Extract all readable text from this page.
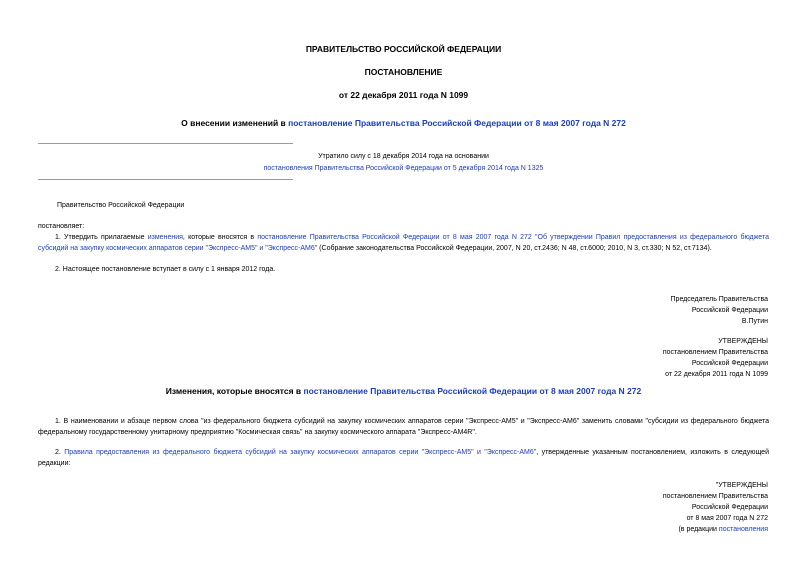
ПРАВИТЕЛЬСТВО РОССИЙСКОЙ ФЕДЕРАЦИИ
ПОСТАНОВЛЕНИЕ
от 22 декабря 2011 года N 1099
О внесении изменений в постановление Правительства Российской Федерации от 8 мая 2007 года N 272
Утратило силу с 18 декабря 2014 года на основании
постановления Правительства Российской Федерации от 5 декабря 2014 года N 1325
Правительство Российской Федерации
постановляет:
1. Утвердить прилагаемые изменения, которые вносятся в постановление Правительства Российской Федерации от 8 мая 2007 года N 272 "Об утверждении Правил предоставления из федерального бюджета субсидий на закупку космических аппаратов серии "Экспресс-АМ5" и "Экспресс-АМ6" (Собрание законодательства Российской Федерации, 2007, N 20, ст.2436; N 48, ст.6000; 2010, N 3, ст.330; N 52, ст.7134).
2. Настоящее постановление вступает в силу с 1 января 2012 года.
Председатель Правительства
Российской Федерации
В.Путин
УТВЕРЖДЕНЫ
постановлением Правительства
Российской Федерации
от 22 декабря 2011 года N 1099
Изменения, которые вносятся в постановление Правительства Российской Федерации от 8 мая 2007 года N 272
1. В наименовании и абзаце первом слова "из федерального бюджета субсидий на закупку космических аппаратов серии "Экспресс-АМ5" и "Экспресс-АМ6" заменить словами "субсидии из федерального бюджета федеральному государственному унитарному предприятию "Космическая связь" на закупку космического аппарата "Экспресс-АМ4R".
2. Правила предоставления из федерального бюджета субсидий на закупку космических аппаратов серии "Экспресс-АМ5" и "Экспресс-АМ6", утвержденные указанным постановлением, изложить в следующей редакции:
"УТВЕРЖДЕНЫ
постановлением Правительства
Российской Федерации
от 8 мая 2007 года N 272
(в редакции постановления
